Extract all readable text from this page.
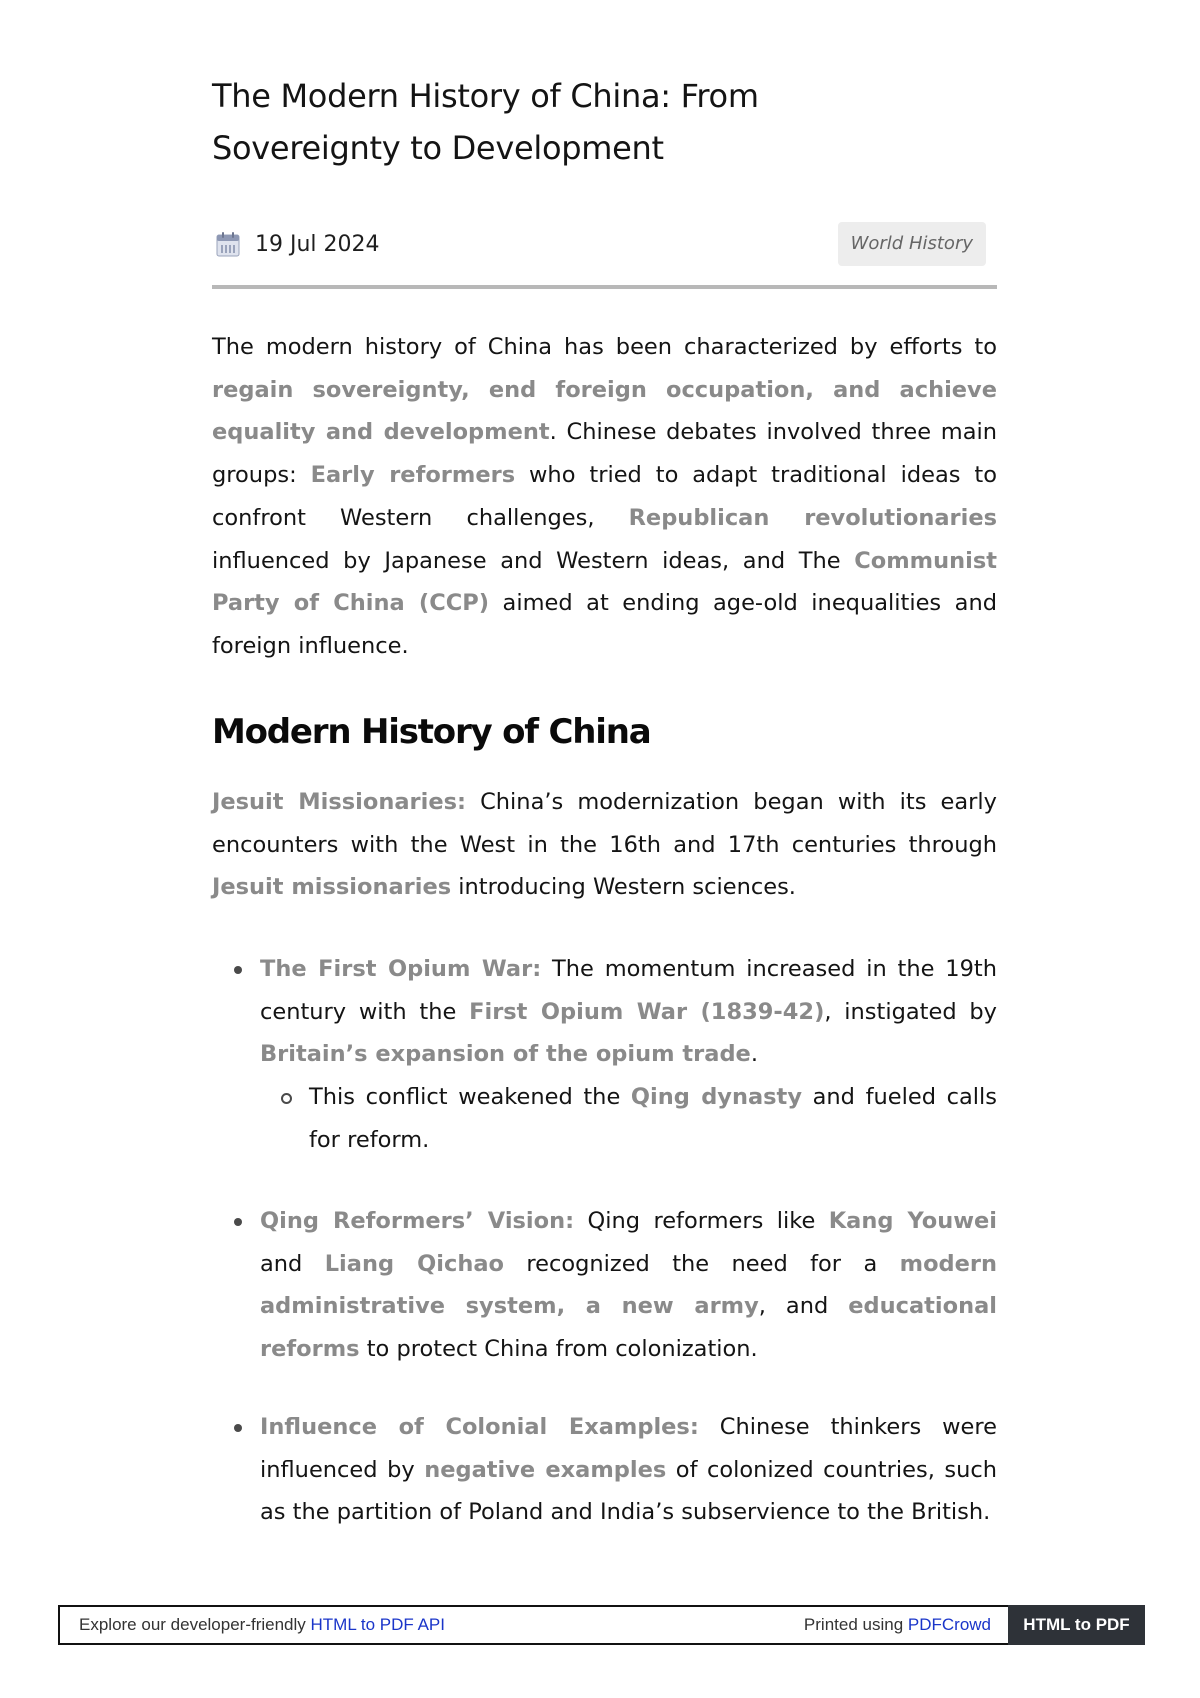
The Modern History of China: From
Sovereignty to Development
19 Jul 2024	World History

The modern history of China has been characterized by efforts to regain sovereignty, end foreign occupation, and achieve equality and development. Chinese debates involved three main groups: Early reformers who tried to adapt traditional ideas to confront Western challenges, Republican revolutionaries influenced by Japanese and Western ideas, and The Communist Party of China (CCP) aimed at ending age-old inequalities and foreign influence.

Modern History of China

Jesuit Missionaries: China’s modernization began with its early encounters with the West in the 16th and 17th centuries through Jesuit missionaries introducing Western sciences.

The First Opium War: The momentum increased in the 19th century with the First Opium War (1839-42), instigated by Britain’s expansion of the opium trade.
This conflict weakened the Qing dynasty and fueled calls for reform.
Qing Reformers’ Vision: Qing reformers like Kang Youwei and Liang Qichao recognized the need for a modern administrative system, a new army, and educational reforms to protect China from colonization.
Influence of Colonial Examples: Chinese thinkers were influenced by negative examples of colonized countries, such as the partition of Poland and India’s subservience to the British.
Explore our developer-friendly HTML to PDF API	Printed using PDFCrowd	HTML to PDF
